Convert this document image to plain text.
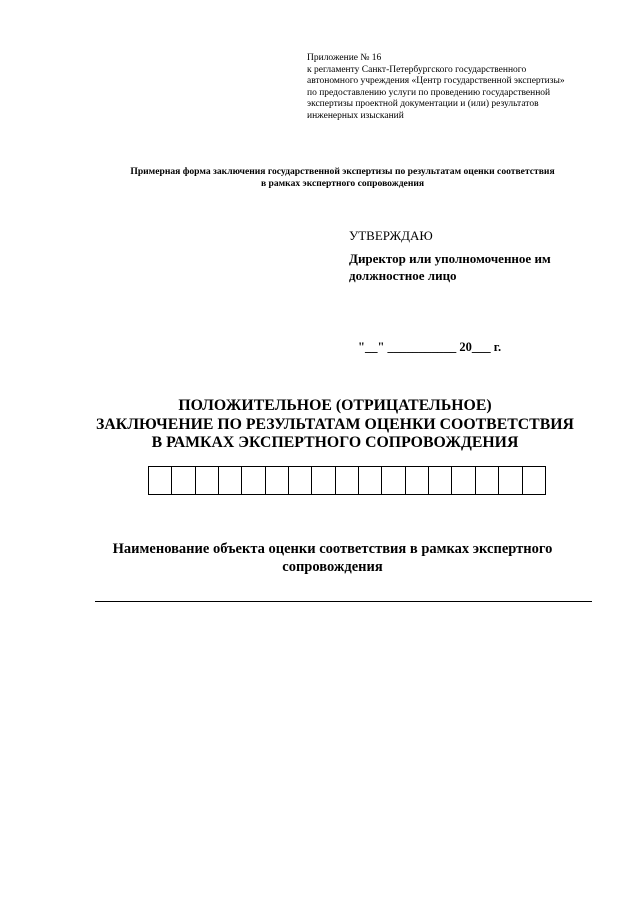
Приложение № 16
к регламенту Санкт-Петербургского государственного
автономного учреждения «Центр государственной экспертизы»
по предоставлению услуги по проведению государственной
экспертизы проектной документации и (или) результатов
инженерных изысканий
Примерная форма заключения государственной экспертизы по результатам оценки соответствия
в рамках экспертного сопровождения
УТВЕРЖДАЮ
Директор или уполномоченное им
должностное лицо
"__" ___________ 20___ г.
ПОЛОЖИТЕЛЬНОЕ (ОТРИЦАТЕЛЬНОЕ)
ЗАКЛЮЧЕНИЕ ПО РЕЗУЛЬТАТАМ ОЦЕНКИ СООТВЕТСТВИЯ
В РАМКАХ ЭКСПЕРТНОГО СОПРОВОЖДЕНИЯ
Наименование объекта оценки соответствия в рамках экспертного
сопровождения
